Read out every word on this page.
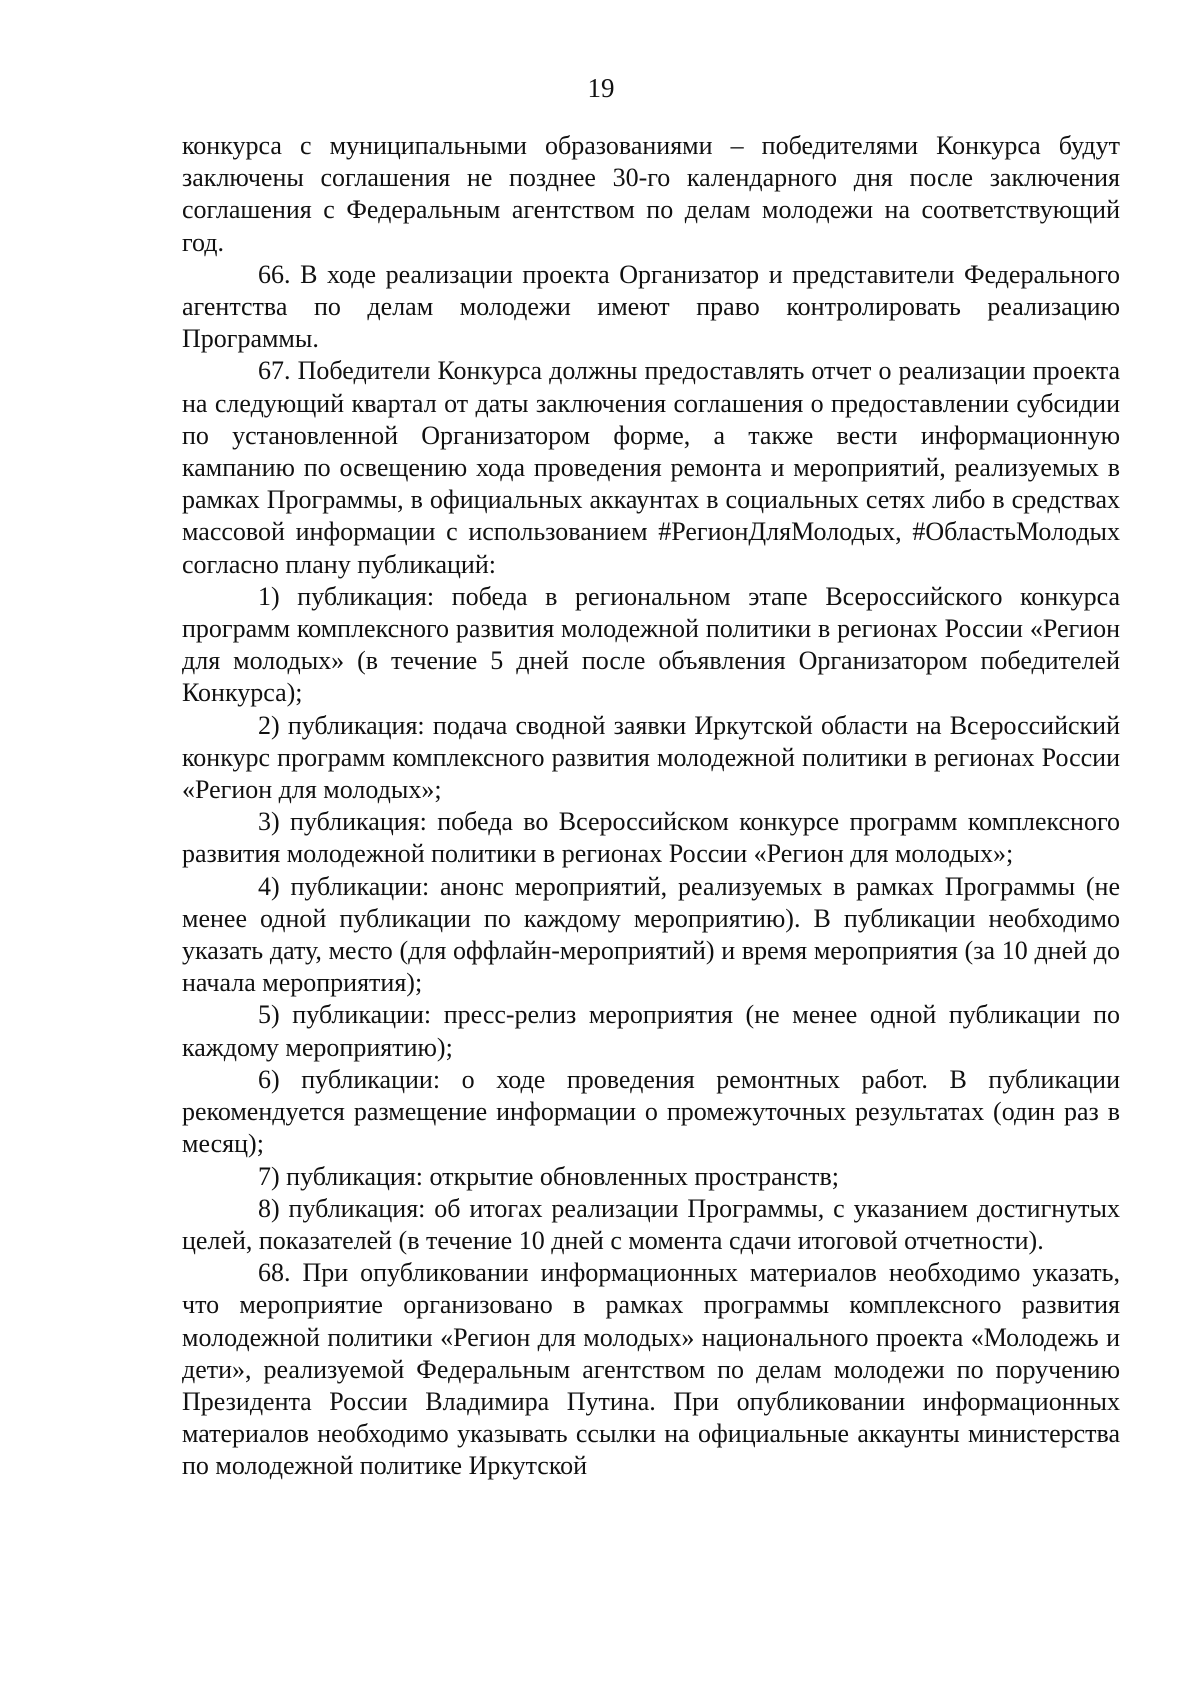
19

конкурса с муниципальными образованиями – победителями Конкурса будут заключены соглашения не позднее 30-го календарного дня после заключения соглашения с Федеральным агентством по делам молодежи на соответствующий год.

66. В ходе реализации проекта Организатор и представители Федерального агентства по делам молодежи имеют право контролировать реализацию Программы.

67. Победители Конкурса должны предоставлять отчет о реализации проекта на следующий квартал от даты заключения соглашения о предоставлении субсидии по установленной Организатором форме, а также вести информационную кампанию по освещению хода проведения ремонта и мероприятий, реализуемых в рамках Программы, в официальных аккаунтах в социальных сетях либо в средствах массовой информации с использованием #РегионДляМолодых, #ОбластьМолодых согласно плану публикаций:

1) публикация: победа в региональном этапе Всероссийского конкурса программ комплексного развития молодежной политики в регионах России «Регион для молодых» (в течение 5 дней после объявления Организатором победителей Конкурса);

2) публикация: подача сводной заявки Иркутской области на Всероссийский конкурс программ комплексного развития молодежной политики в регионах России «Регион для молодых»;

3) публикация: победа во Всероссийском конкурсе программ комплексного развития молодежной политики в регионах России «Регион для молодых»;

4) публикации: анонс мероприятий, реализуемых в рамках Программы (не менее одной публикации по каждому мероприятию). В публикации необходимо указать дату, место (для оффлайн-мероприятий) и время мероприятия (за 10 дней до начала мероприятия);

5) публикации: пресс-релиз мероприятия (не менее одной публикации по каждому мероприятию);

6) публикации: о ходе проведения ремонтных работ. В публикации рекомендуется размещение информации о промежуточных результатах (один раз в месяц);

7) публикация: открытие обновленных пространств;

8) публикация: об итогах реализации Программы, с указанием достигнутых целей, показателей (в течение 10 дней с момента сдачи итоговой отчетности).

68. При опубликовании информационных материалов необходимо указать, что мероприятие организовано в рамках программы комплексного развития молодежной политики «Регион для молодых» национального проекта «Молодежь и дети», реализуемой Федеральным агентством по делам молодежи по поручению Президента России Владимира Путина. При опубликовании информационных материалов необходимо указывать ссылки на официальные аккаунты министерства по молодежной политике Иркутской
